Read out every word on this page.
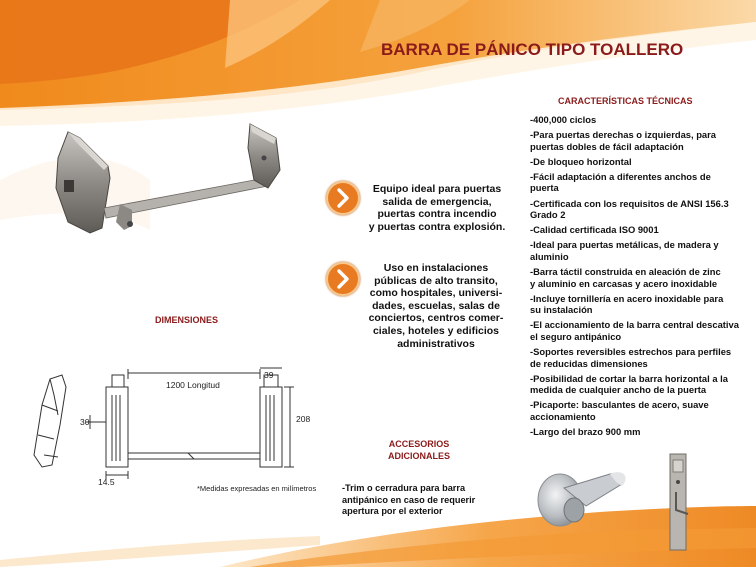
BARRA DE PÁNICO TIPO TOALLERO
Equipo ideal para puertas
salida de emergencia,
puertas contra incendio
y puertas contra explosión.
Uso en instalaciones
públicas de alto transito,
como hospitales, universi-
dades, escuelas, salas de
conciertos, centros comer-
ciales, hoteles y edificios
administrativos
CARACTERÍSTICAS TÉCNICAS
-400,000 ciclos
-Para puertas derechas o izquierdas, para
puertas dobles de fácil adaptación
-De bloqueo horizontal
-Fácil adaptación a diferentes anchos de
puerta
-Certificada con los requisitos de ANSI 156.3
Grado 2
-Calidad certificada ISO 9001
-Ideal para puertas metálicas, de madera y
aluminio
-Barra táctil construida en aleación de zinc
y aluminio en carcasas y acero inoxidable
-Incluye tornillería en acero inoxidable para
su instalación
-El accionamiento de la barra central descativa
el seguro antipánico
-Soportes reversibles estrechos para perfiles
de reducidas dimensiones
-Posibilidad de cortar la barra horizontal a la
medida de cualquier ancho de la puerta
-Picaporte: basculantes de acero, suave
accionamiento
-Largo del brazo 900 mm
DIMENSIONES
1200 Longitud
39
30	208
14.5
*Medidas expresadas en milímetros
ACCESORIOS
ADICIONALES
-Trim o cerradura para barra
antipánico en caso de requerir
apertura por el exterior
